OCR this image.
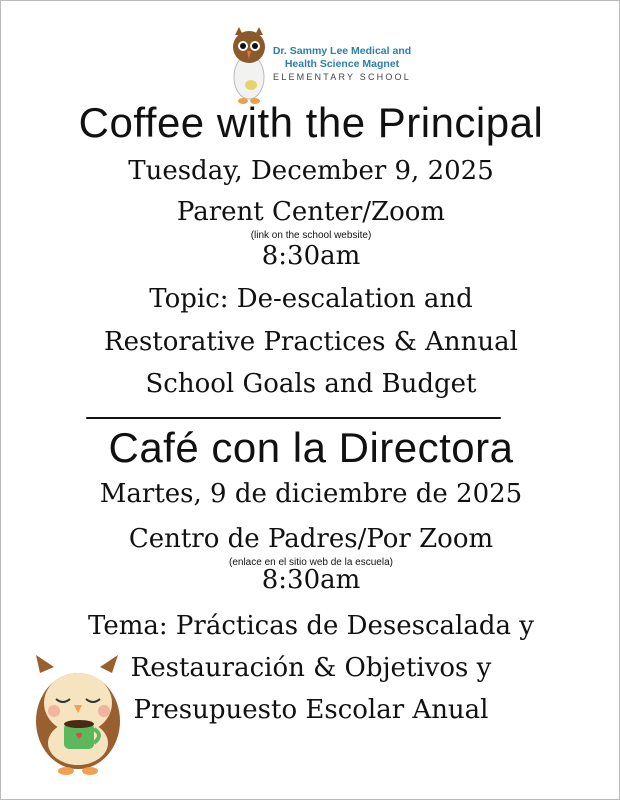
Dr. Sammy Lee Medical and
Health Science Magnet
ELEMENTARY SCHOOL
Coffee with the Principal
Tuesday, December 9, 2025
Parent Center/Zoom
(link on the school website)
8:30am
Topic: De-escalation and
Restorative Practices & Annual
School Goals and Budget
Café con la Directora
Martes, 9 de diciembre de 2025
Centro de Padres/Por Zoom
(enlace en el sitio web de la escuela)
8:30am
Tema: Prácticas de Desescalada y
Restauración & Objetivos y
Presupuesto Escolar Anual
